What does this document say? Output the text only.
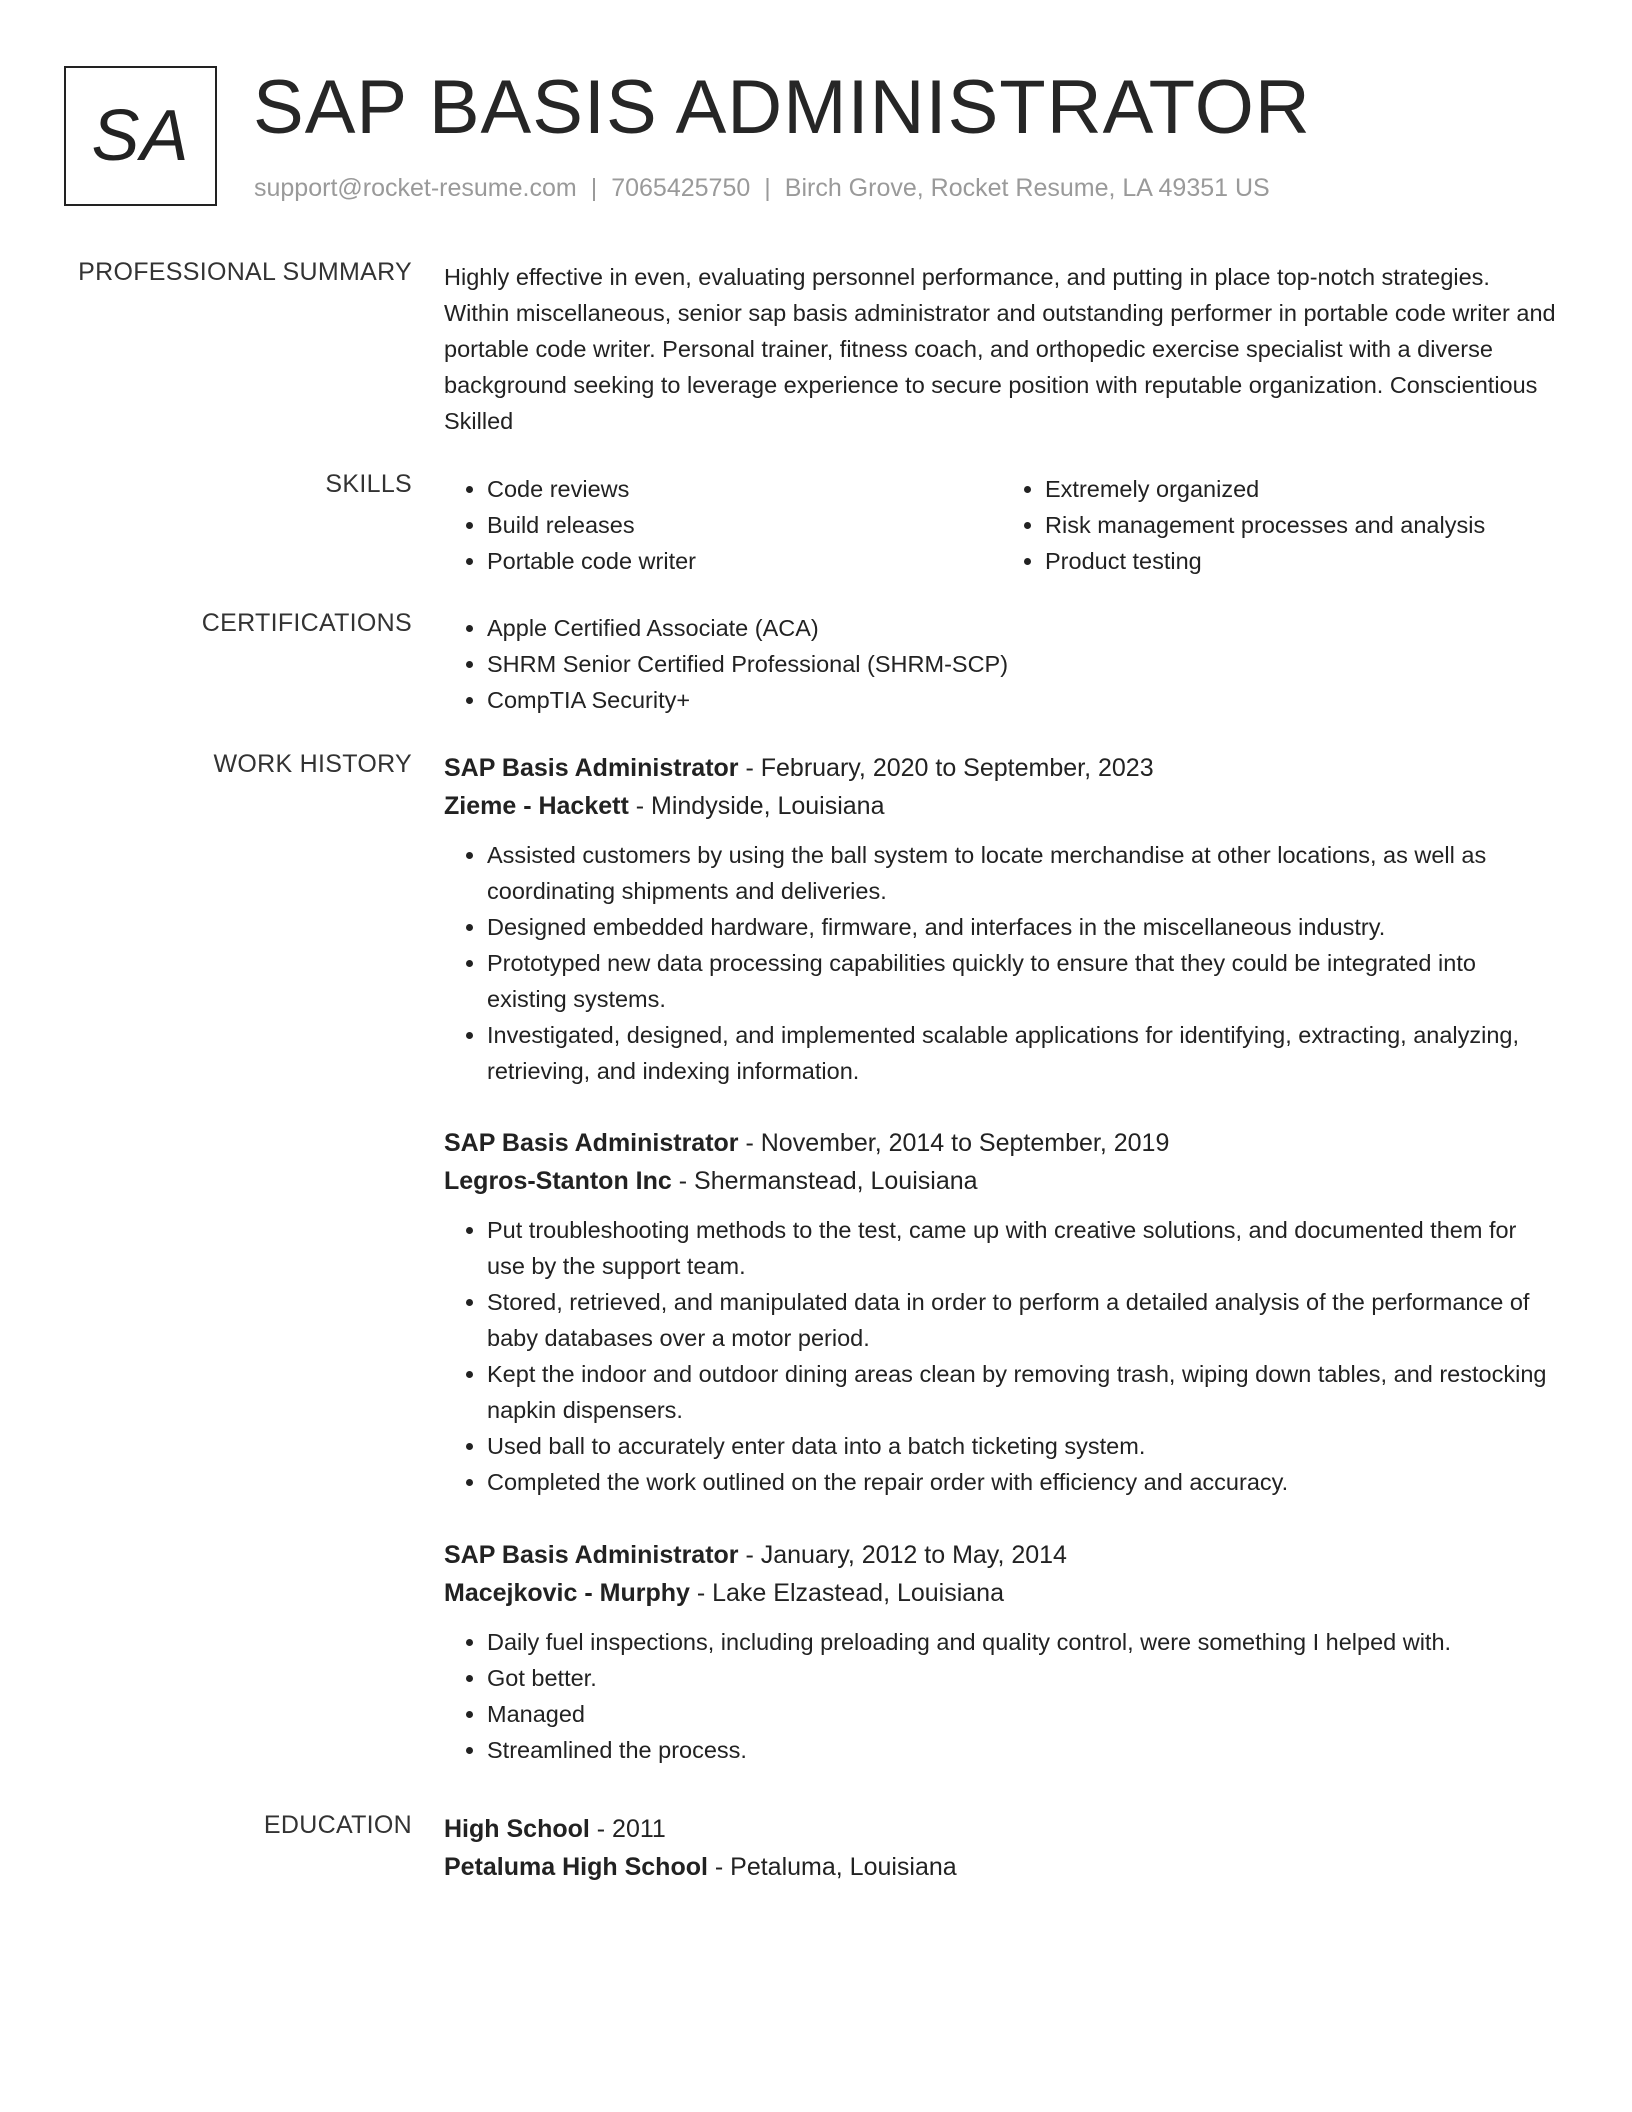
SA SAP BASIS ADMINISTRATOR
support@rocket-resume.com | 7065425750 | Birch Grove, Rocket Resume, LA 49351 US
PROFESSIONAL SUMMARY Highly effective in even, evaluating personnel performance, and putting in place top-notch strategies. Within miscellaneous, senior sap basis administrator and outstanding performer in portable code writer and portable code writer. Personal trainer, fitness coach, and orthopedic exercise specialist with a diverse background seeking to leverage experience to secure position with reputable organization. Conscientious Skilled

SKILLS	• Code reviews
• Build releases
• Portable code writer
• Extremely organized
• Risk management processes and analysis
• Product testing
CERTIFICATIONS	• Apple Certified Associate (ACA)
• SHRM Senior Certified Professional (SHRM-SCP)
• CompTIA Security+
WORK HISTORY SAP Basis Administrator - February, 2020 to September, 2023

Zieme - Hackett - Mindyside, Louisiana

• Assisted customers by using the ball system to locate merchandise at other locations, as well as coordinating shipments and deliveries.
• Designed embedded hardware, firmware, and interfaces in the miscellaneous industry.
• Prototyped new data processing capabilities quickly to ensure that they could be integrated into existing systems.
• Investigated, designed, and implemented scalable applications for identifying, extracting, analyzing, retrieving, and indexing information.

SAP Basis Administrator - November, 2014 to September, 2019

Legros-Stanton Inc - Shermanstead, Louisiana

• Put troubleshooting methods to the test, came up with creative solutions, and documented them for use by the support team.
• Stored, retrieved, and manipulated data in order to perform a detailed analysis of the performance of baby databases over a motor period.
• Kept the indoor and outdoor dining areas clean by removing trash, wiping down tables, and restocking napkin dispensers.
• Used ball to accurately enter data into a batch ticketing system.
• Completed the work outlined on the repair order with efficiency and accuracy.

SAP Basis Administrator - January, 2012 to May, 2014

Macejkovic - Murphy - Lake Elzastead, Louisiana

• Daily fuel inspections, including preloading and quality control, were something I helped with.
• Got better.
• Managed
• Streamlined the process.
EDUCATION High School - 2011

Petaluma High School - Petaluma, Louisiana
